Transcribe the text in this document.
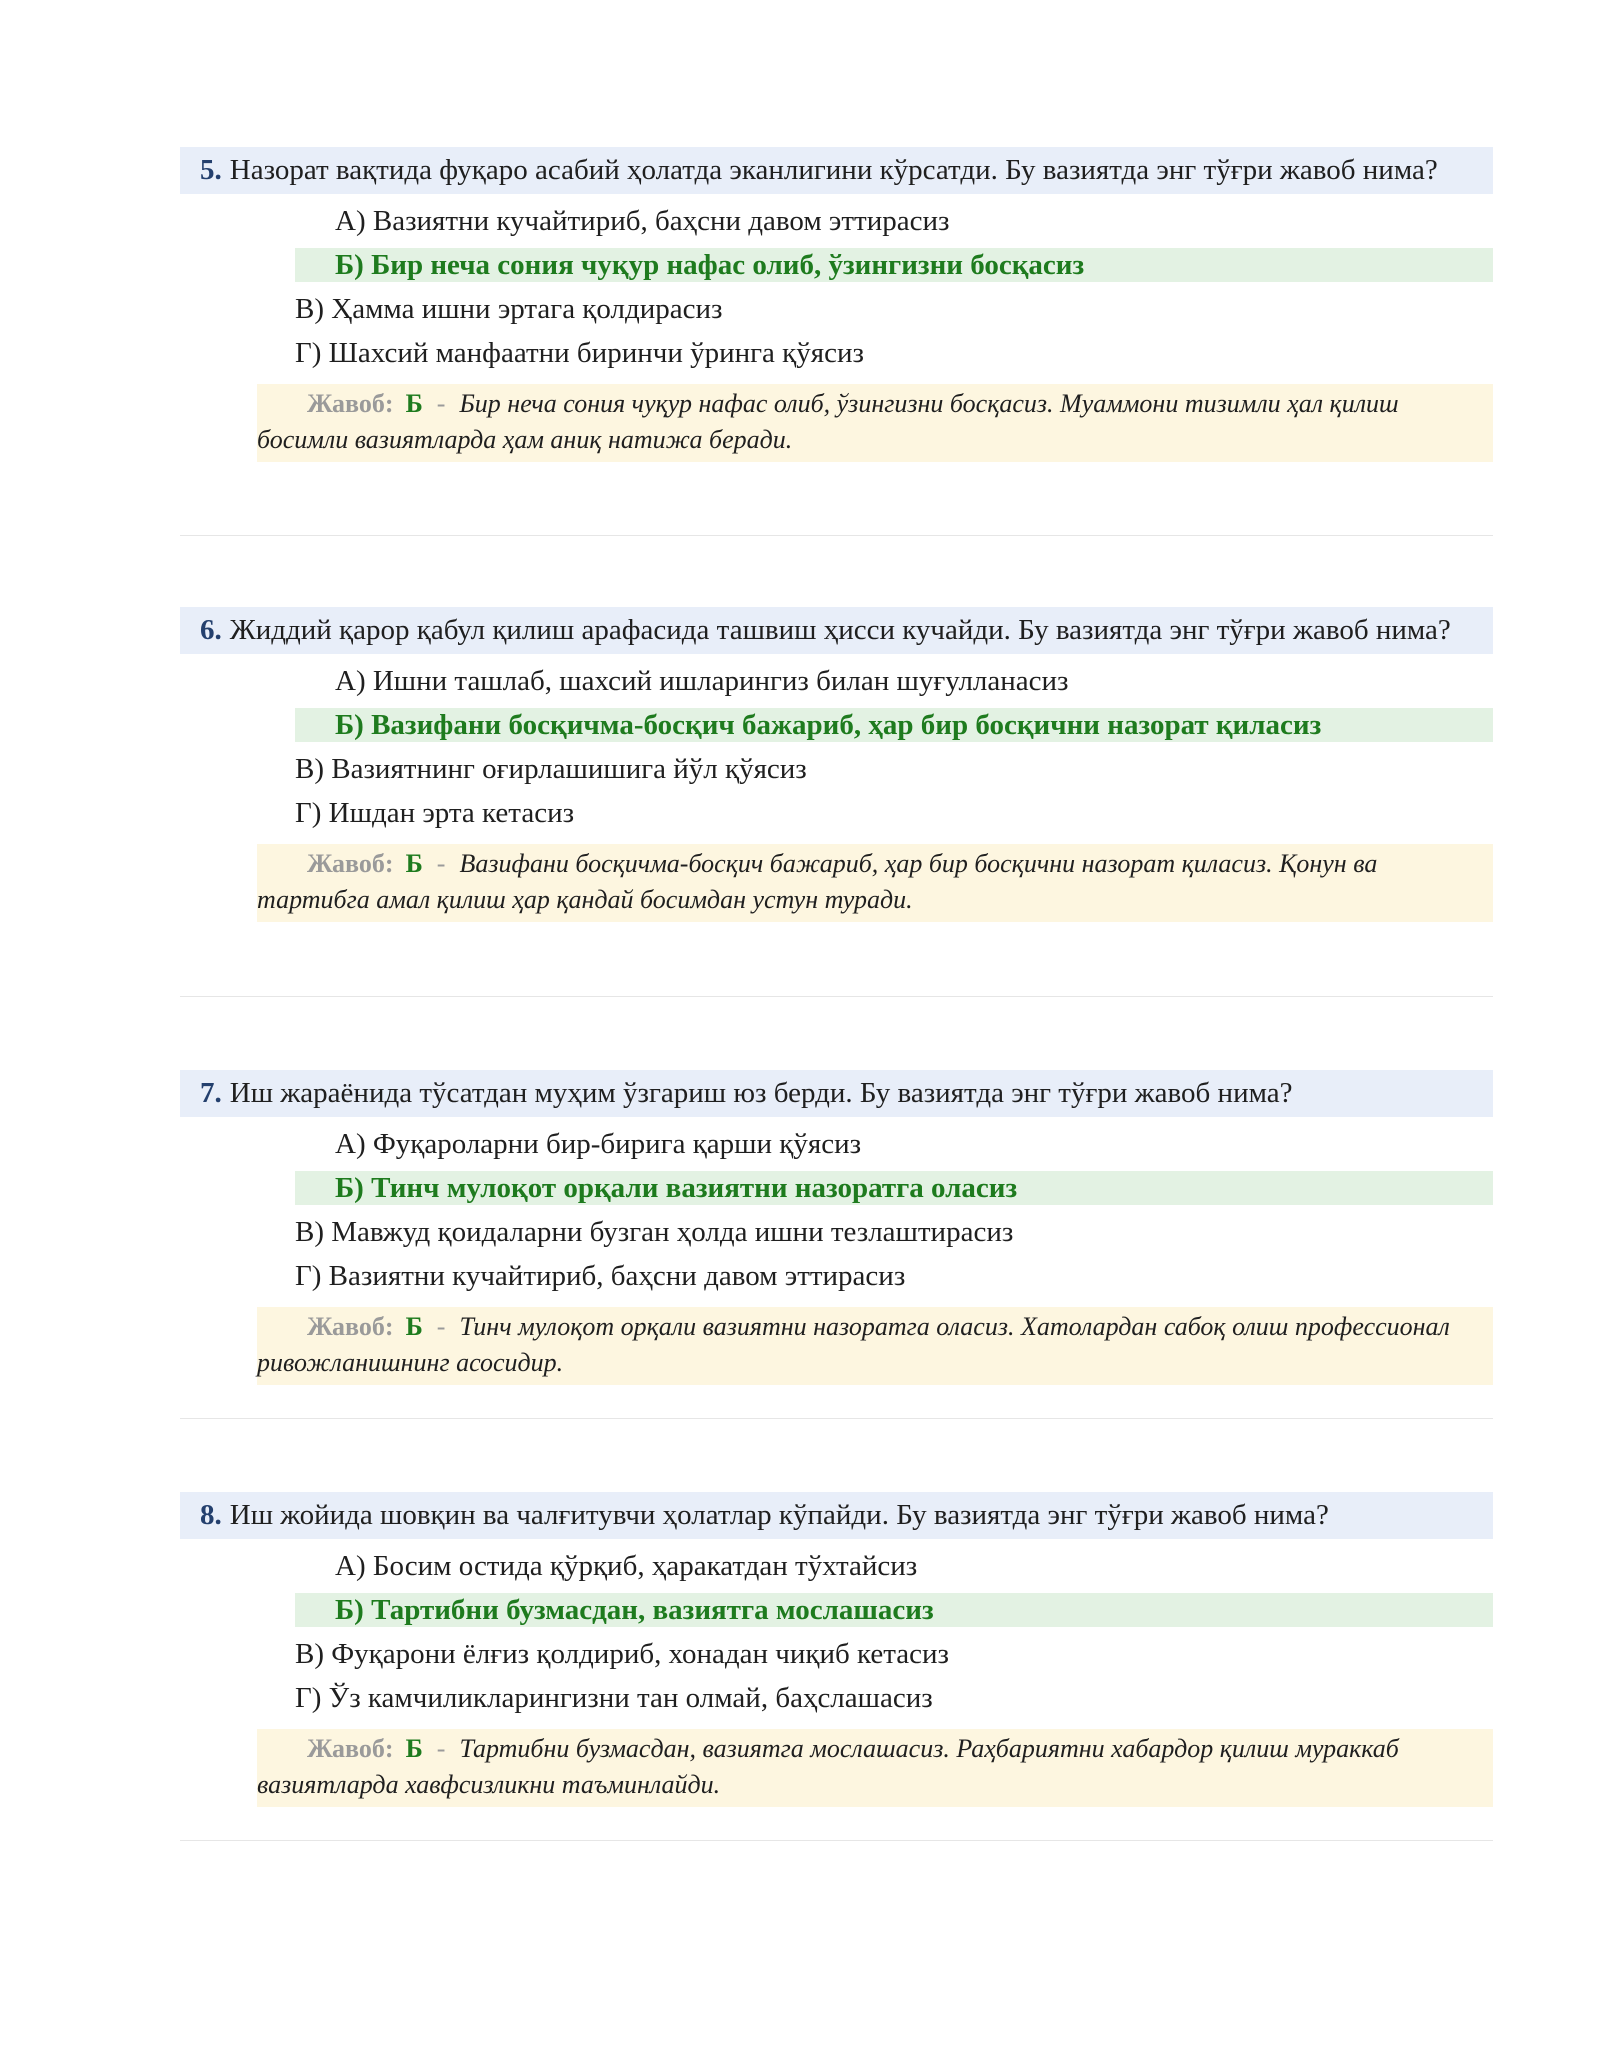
5. Назорат вақтида фуқаро асабий ҳолатда эканлигини кўрсатди. Бу вазиятда энг тўғри жавоб нима?
А) Вазиятни кучайтириб, баҳсни давом эттирасиз
Б) Бир неча сония чуқур нафас олиб, ўзингизни босқасиз
В) Ҳамма ишни эртага қолдирасиз
Г) Шахсий манфаатни биринчи ўринга қўясиз
Жавоб: Б - Бир неча сония чуқур нафас олиб, ўзингизни босқасиз. Муаммони тизимли ҳал қилиш босимли вазиятларда ҳам аниқ натижа беради.
6. Жиддий қарор қабул қилиш арафасида ташвиш ҳисси кучайди. Бу вазиятда энг тўғри жавоб нима?
А) Ишни ташлаб, шахсий ишларингиз билан шуғулланасиз
Б) Вазифани босқичма-босқич бажариб, ҳар бир босқични назорат қиласиз
В) Вазиятнинг оғирлашишига йўл қўясиз
Г) Ишдан эрта кетасиз
Жавоб: Б - Вазифани босқичма-босқич бажариб, ҳар бир босқични назорат қиласиз. Қонун ва тартибга амал қилиш ҳар қандай босимдан устун туради.
7. Иш жараёнида тўсатдан муҳим ўзгариш юз берди. Бу вазиятда энг тўғри жавоб нима?
А) Фуқароларни бир-бирига қарши қўясиз
Б) Тинч мулоқот орқали вазиятни назоратга оласиз
В) Мавжуд қоидаларни бузган ҳолда ишни тезлаштирасиз
Г) Вазиятни кучайтириб, баҳсни давом эттирасиз
Жавоб: Б - Тинч мулоқот орқали вазиятни назоратга оласиз. Хатолардан сабоқ олиш профессионал ривожланишнинг асосидир.
8. Иш жойида шовқин ва чалғитувчи ҳолатлар кўпайди. Бу вазиятда энг тўғри жавоб нима?
А) Босим остида қўрқиб, ҳаракатдан тўхтайсиз
Б) Тартибни бузмасдан, вазиятга мослашасиз
В) Фуқарони ёлғиз қолдириб, хонадан чиқиб кетасиз
Г) Ўз камчиликларингизни тан олмай, баҳслашасиз
Жавоб: Б - Тартибни бузмасдан, вазиятга мослашасиз. Раҳбариятни хабардор қилиш мураккаб вазиятларда хавфсизликни таъминлайди.
